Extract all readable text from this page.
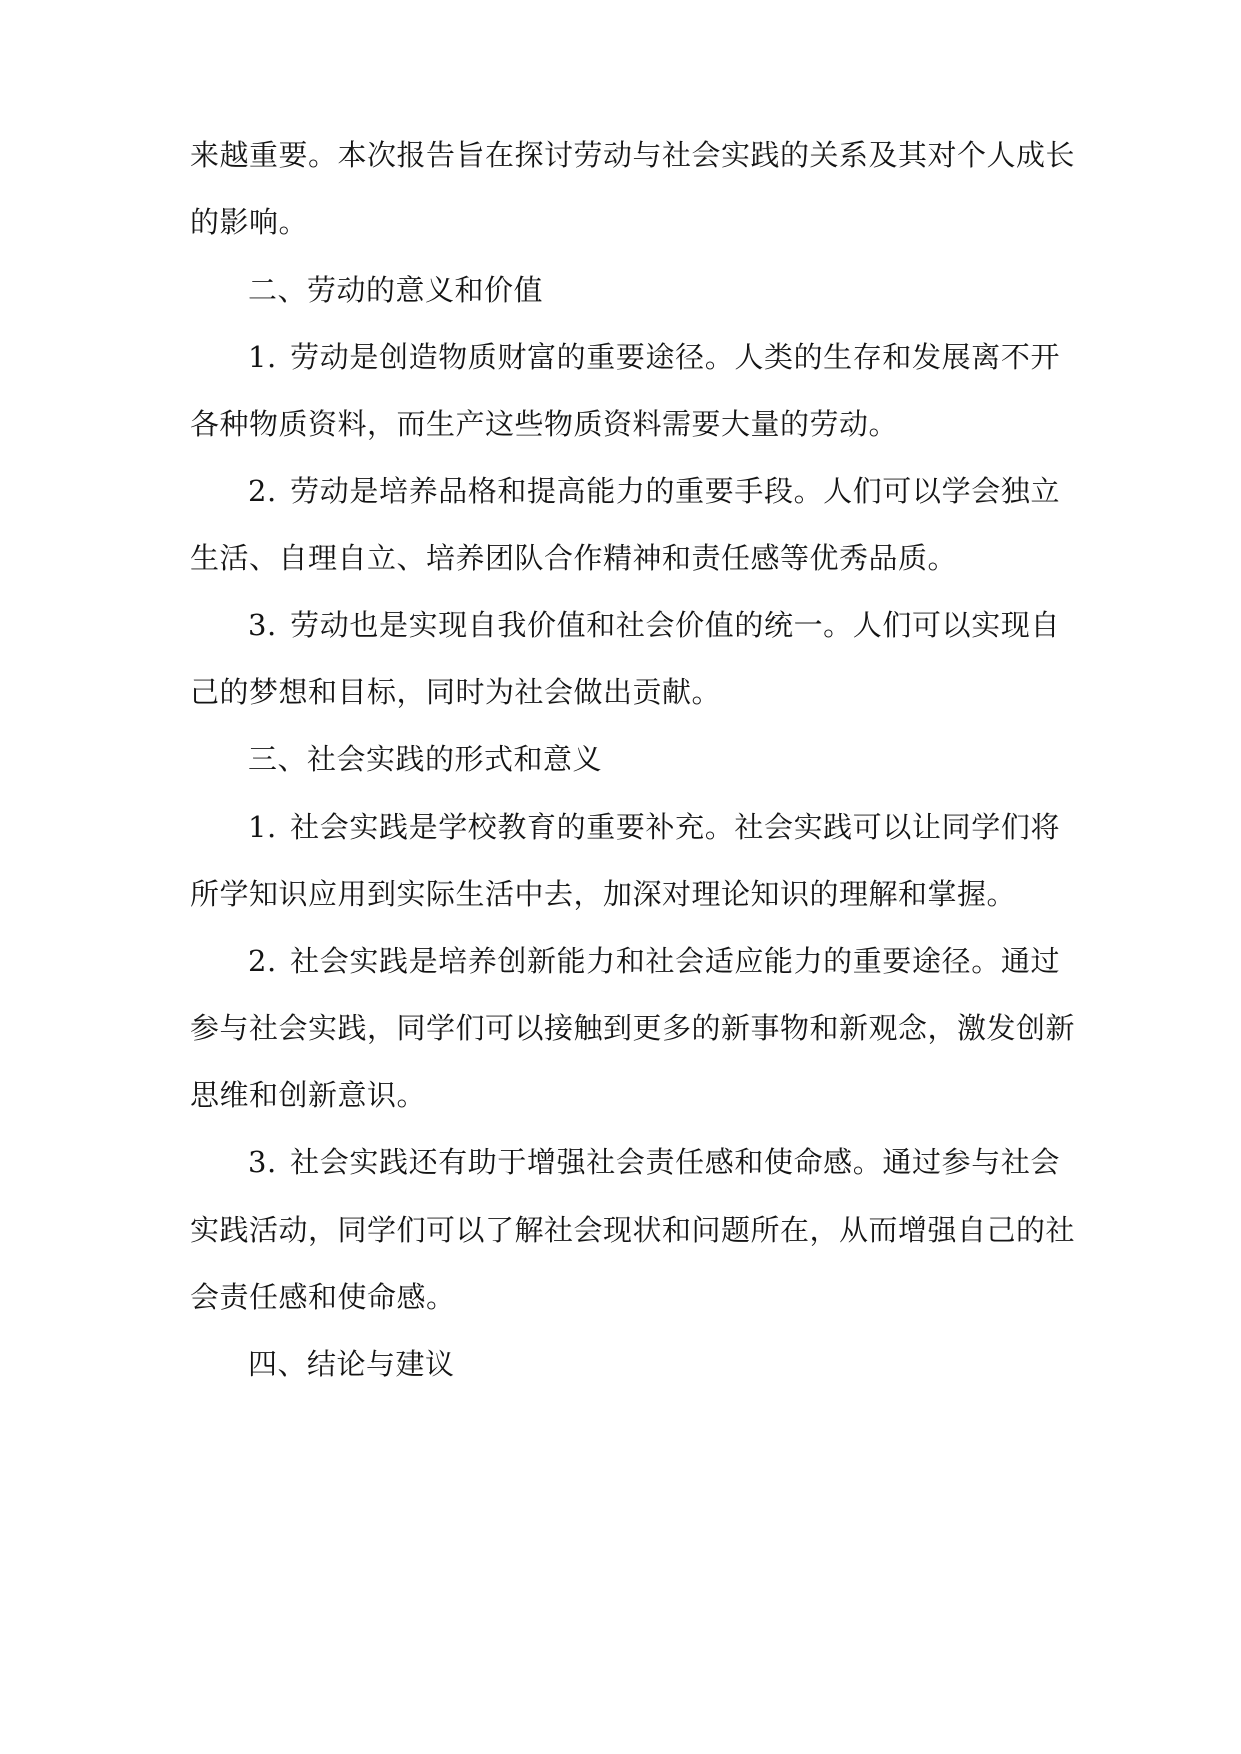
来越重要。本次报告旨在探讨劳动与社会实践的关系及其对个人成长
的影响。
二、劳动的意义和价值
1. 劳动是创造物质财富的重要途径。人类的生存和发展离不开
各种物质资料，而生产这些物质资料需要大量的劳动。
2. 劳动是培养品格和提高能力的重要手段。人们可以学会独立
生活、自理自立、培养团队合作精神和责任感等优秀品质。
3. 劳动也是实现自我价值和社会价值的统一。人们可以实现自
己的梦想和目标，同时为社会做出贡献。
三、社会实践的形式和意义
1. 社会实践是学校教育的重要补充。社会实践可以让同学们将
所学知识应用到实际生活中去，加深对理论知识的理解和掌握。
2. 社会实践是培养创新能力和社会适应能力的重要途径。通过
参与社会实践，同学们可以接触到更多的新事物和新观念，激发创新
思维和创新意识。
3. 社会实践还有助于增强社会责任感和使命感。通过参与社会
实践活动，同学们可以了解社会现状和问题所在，从而增强自己的社
会责任感和使命感。
四、结论与建议
